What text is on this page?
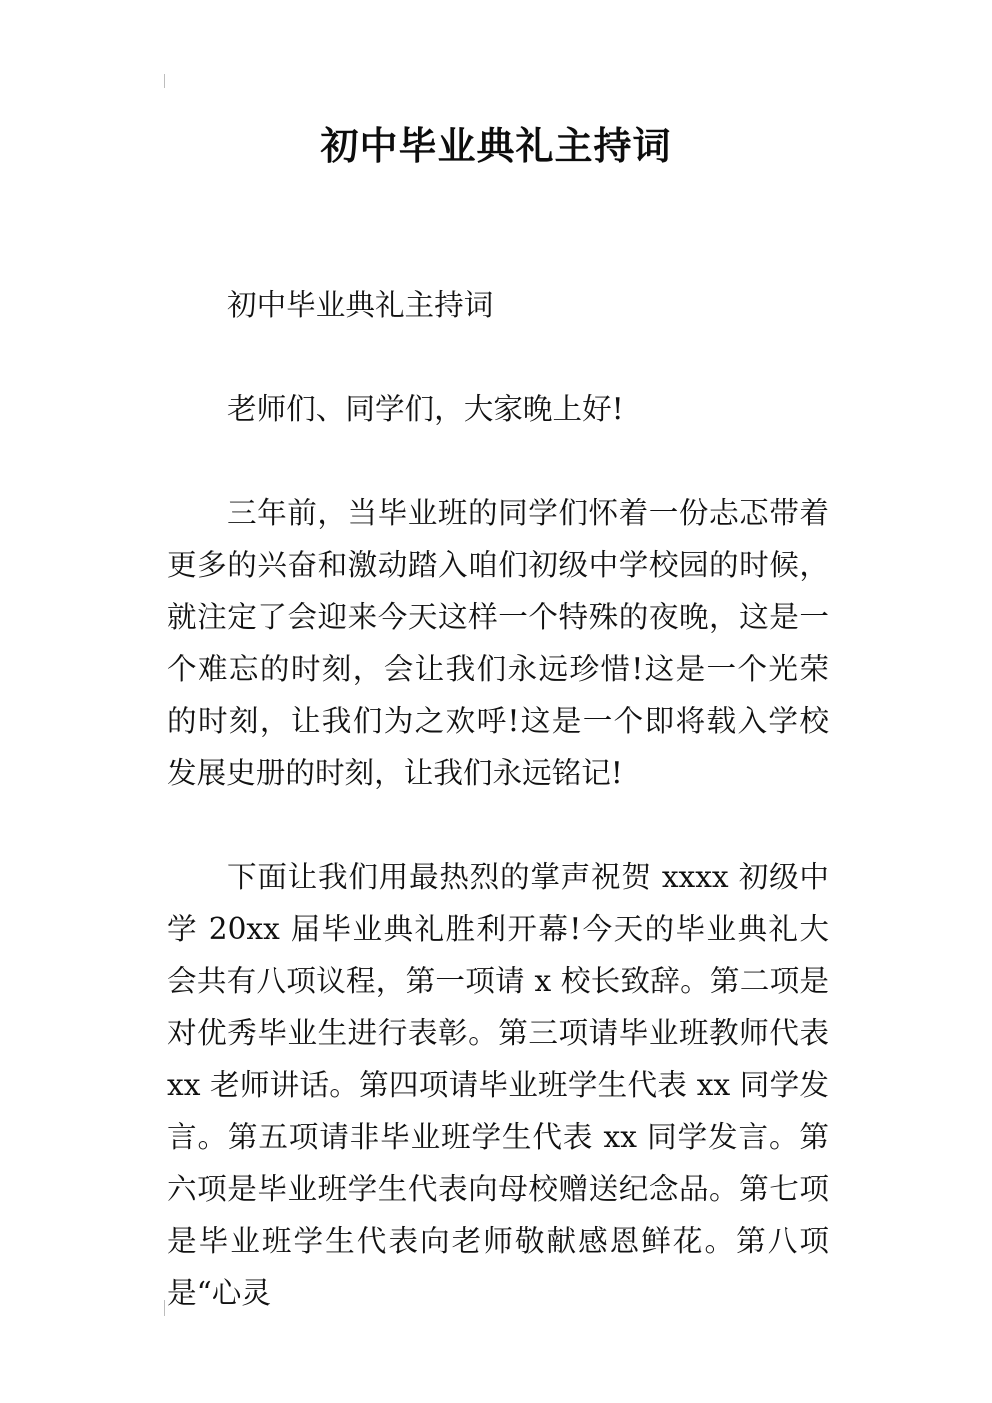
初中毕业典礼主持词

初中毕业典礼主持词

老师们、同学们，大家晚上好!

三年前，当毕业班的同学们怀着一份忐忑带着更多的兴奋和激动踏入咱们初级中学校园的时候，就注定了会迎来今天这样一个特殊的夜晚，这是一个难忘的时刻，会让我们永远珍惜!这是一个光荣的时刻，让我们为之欢呼!这是一个即将载入学校发展史册的时刻，让我们永远铭记!

下面让我们用最热烈的掌声祝贺 xxxx 初级中学 20xx 届毕业典礼胜利开幕!今天的毕业典礼大会共有八项议程，第一项请 x 校长致辞。第二项是对优秀毕业生进行表彰。第三项请毕业班教师代表 xx 老师讲话。第四项请毕业班学生代表 xx 同学发言。第五项请非毕业班学生代表 xx 同学发言。第六项是毕业班学生代表向母校赠送纪念品。第七项是毕业班学生代表向老师敬献感恩鲜花。第八项是“心灵
